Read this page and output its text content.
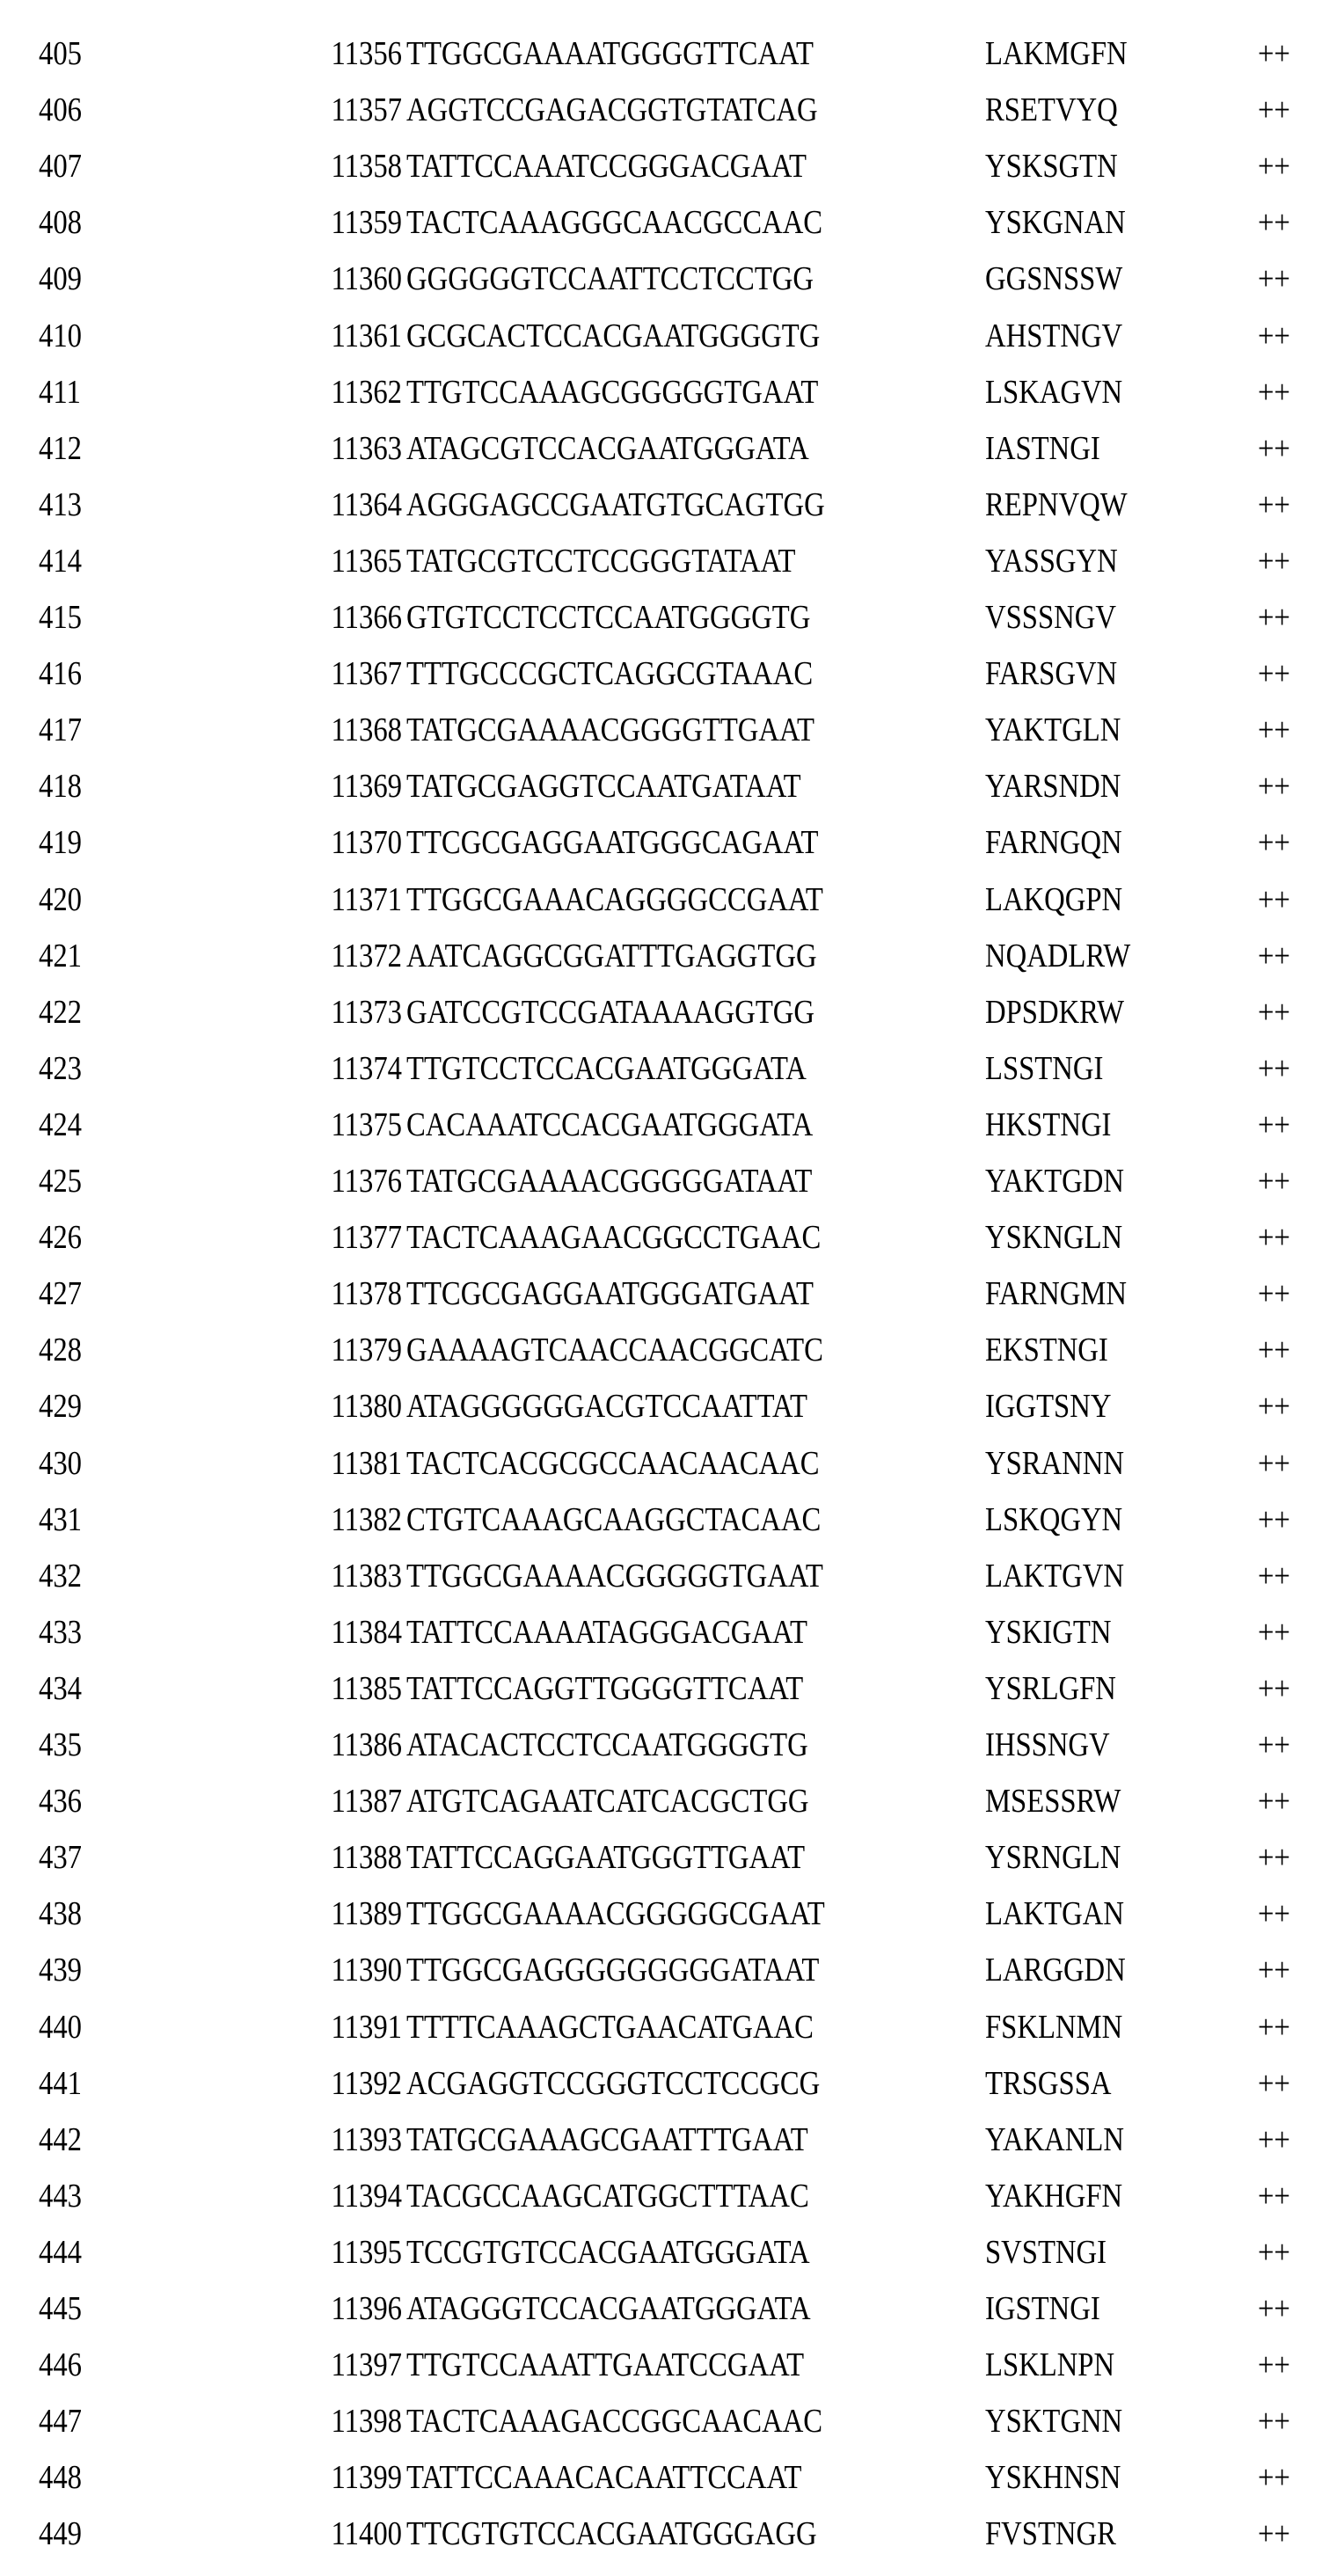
405	11356 TTGGCGAAAATGGGGTTCAAT	LAKMGFN	++
406	11357 AGGTCCGAGACGGTGTATCAG	RSETVYQ	++
407	11358 TATTCCAAATCCGGGACGAAT	YSKSGTN	++
408	11359 TACTCAAAGGGCAACGCCAAC	YSKGNAN	++
409	11360 GGGGGGTCCAATTCCTCCTGG	GGSNSSW	++
410	11361 GCGCACTCCACGAATGGGGTG	AHSTNGV	++
411	11362 TTGTCCAAAGCGGGGGTGAAT	LSKAGVN	++
412	11363 ATAGCGTCCACGAATGGGATA	IASTNGI	++
413	11364 AGGGAGCCGAATGTGCAGTGG	REPNVQW	++
414	11365 TATGCGTCCTCCGGGTATAAT	YASSGYN	++
415	11366 GTGTCCTCCTCCAATGGGGTG	VSSSNGV	++
416	11367 TTTGCCCGCTCAGGCGTAAAC	FARSGVN	++
417	11368 TATGCGAAAACGGGGTTGAAT	YAKTGLN	++
418	11369 TATGCGAGGTCCAATGATAAT	YARSNDN	++
419	11370 TTCGCGAGGAATGGGCAGAAT	FARNGQN	++
420	11371 TTGGCGAAACAGGGGCCGAAT	LAKQGPN	++
421	11372 AATCAGGCGGATTTGAGGTGG	NQADLRW	++
422	11373 GATCCGTCCGATAAAAGGTGG	DPSDKRW	++
423	11374 TTGTCCTCCACGAATGGGATA	LSSTNGI	++
424	11375 CACAAATCCACGAATGGGATA	HKSTNGI	++
425	11376 TATGCGAAAACGGGGGATAAT	YAKTGDN	++
426	11377 TACTCAAAGAACGGCCTGAAC	YSKNGLN	++
427	11378 TTCGCGAGGAATGGGATGAAT	FARNGMN	++
428	11379 GAAAAGTCAACCAACGGCATC	EKSTNGI	++
429	11380 ATAGGGGGGACGTCCAATTAT	IGGTSNY	++
430	11381 TACTCACGCGCCAACAACAAC	YSRANNN	++
431	11382 CTGTCAAAGCAAGGCTACAAC	LSKQGYN	++
432	11383 TTGGCGAAAACGGGGGTGAAT	LAKTGVN	++
433	11384 TATTCCAAAATAGGGACGAAT	YSKIGTN	++
434	11385 TATTCCAGGTTGGGGTTCAAT	YSRLGFN	++
435	11386 ATACACTCCTCCAATGGGGTG	IHSSNGV	++
436	11387 ATGTCAGAATCATCACGCTGG	MSESSRW	++
437	11388 TATTCCAGGAATGGGTTGAAT	YSRNGLN	++
438	11389 TTGGCGAAAACGGGGGCGAAT	LAKTGAN	++
439	11390 TTGGCGAGGGGGGGGGATAAT	LARGGDN	++
440	11391 TTTTCAAAGCTGAACATGAAC	FSKLNMN	++
441	11392 ACGAGGTCCGGGTCCTCCGCG	TRSGSSA	++
442	11393 TATGCGAAAGCGAATTTGAAT	YAKANLN	++
443	11394 TACGCCAAGCATGGCTTTAAC	YAKHGFN	++
444	11395 TCCGTGTCCACGAATGGGATA	SVSTNGI	++
445	11396 ATAGGGTCCACGAATGGGATA	IGSTNGI	++
446	11397 TTGTCCAAATTGAATCCGAAT	LSKLNPN	++
447	11398 TACTCAAAGACCGGCAACAAC	YSKTGNN	++
448	11399 TATTCCAAACACAATTCCAAT	YSKHNSN	++
449	11400 TTCGTGTCCACGAATGGGAGG	FVSTNGR	++
